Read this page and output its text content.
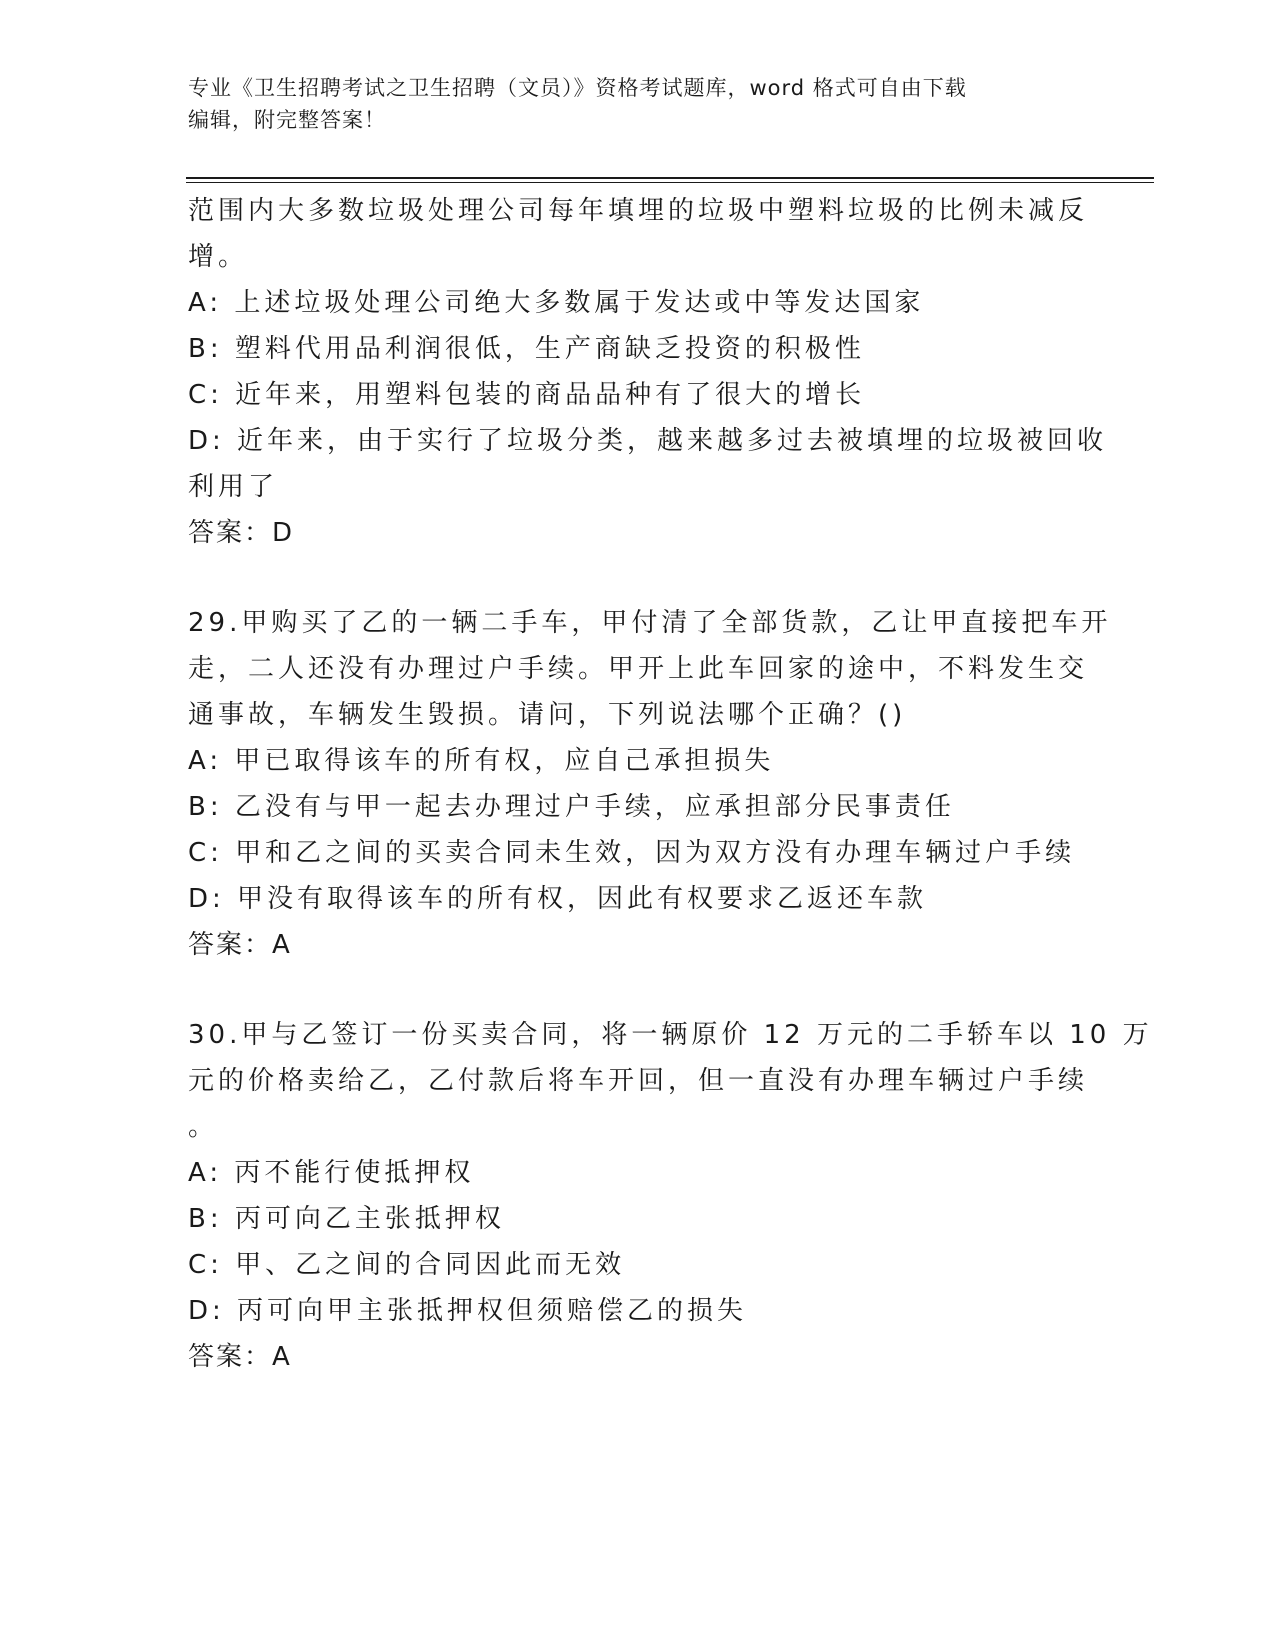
专业《卫生招聘考试之卫生招聘（文员）》资格考试题库，word 格式可自由下载
编辑，附完整答案！
范围内大多数垃圾处理公司每年填埋的垃圾中塑料垃圾的比例未减反
增。
A: 上述垃圾处理公司绝大多数属于发达或中等发达国家
B: 塑料代用品利润很低，生产商缺乏投资的积极性
C: 近年来，用塑料包装的商品品种有了很大的增长
D: 近年来，由于实行了垃圾分类，越来越多过去被填埋的垃圾被回收
利用了
答案：D
29.甲购买了乙的一辆二手车，甲付清了全部货款，乙让甲直接把车开
走，二人还没有办理过户手续。甲开上此车回家的途中，不料发生交
通事故，车辆发生毁损。请问，下列说法哪个正确？()
A: 甲已取得该车的所有权，应自己承担损失
B: 乙没有与甲一起去办理过户手续，应承担部分民事责任
C: 甲和乙之间的买卖合同未生效，因为双方没有办理车辆过户手续
D: 甲没有取得该车的所有权，因此有权要求乙返还车款
答案：A
30.甲与乙签订一份买卖合同，将一辆原价 12 万元的二手轿车以 10 万
元的价格卖给乙，乙付款后将车开回，但一直没有办理车辆过户手续
。
A: 丙不能行使抵押权
B: 丙可向乙主张抵押权
C: 甲、乙之间的合同因此而无效
D: 丙可向甲主张抵押权但须赔偿乙的损失
答案：A
